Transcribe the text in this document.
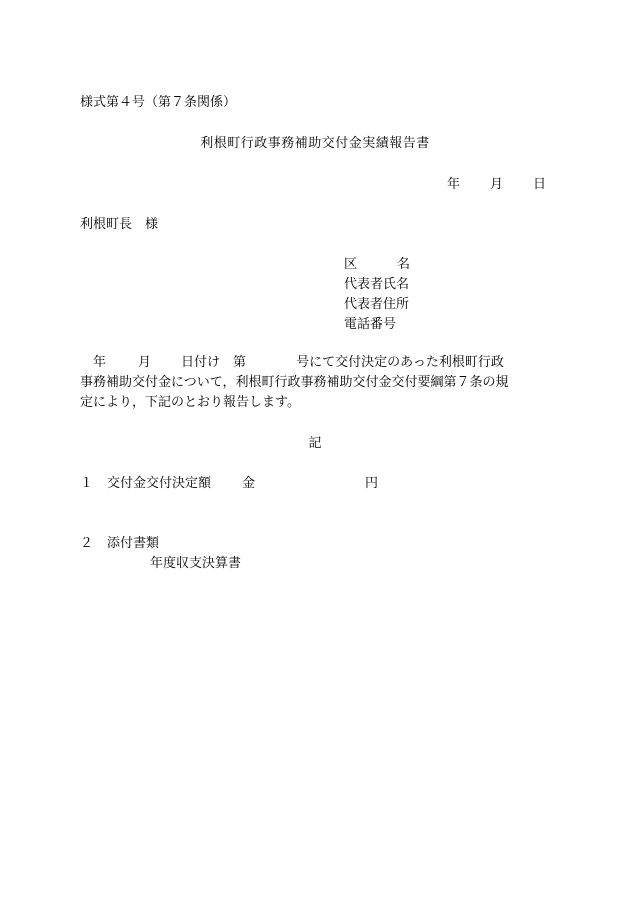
様式第４号（第７条関係）
利根町行政事務補助交付金実績報告書
年 月 日
利根町長 様
区	名
代表者氏名
代表者住所
電話番号
年 月 日付け 第	号にて交付決定のあった利根町行政
事務補助交付金について，利根町行政事務補助交付金交付要綱第７条の規
定により，下記のとおり報告します。
記
１ 交付金交付決定額 金	円
２ 添付書類
年度収支決算書
